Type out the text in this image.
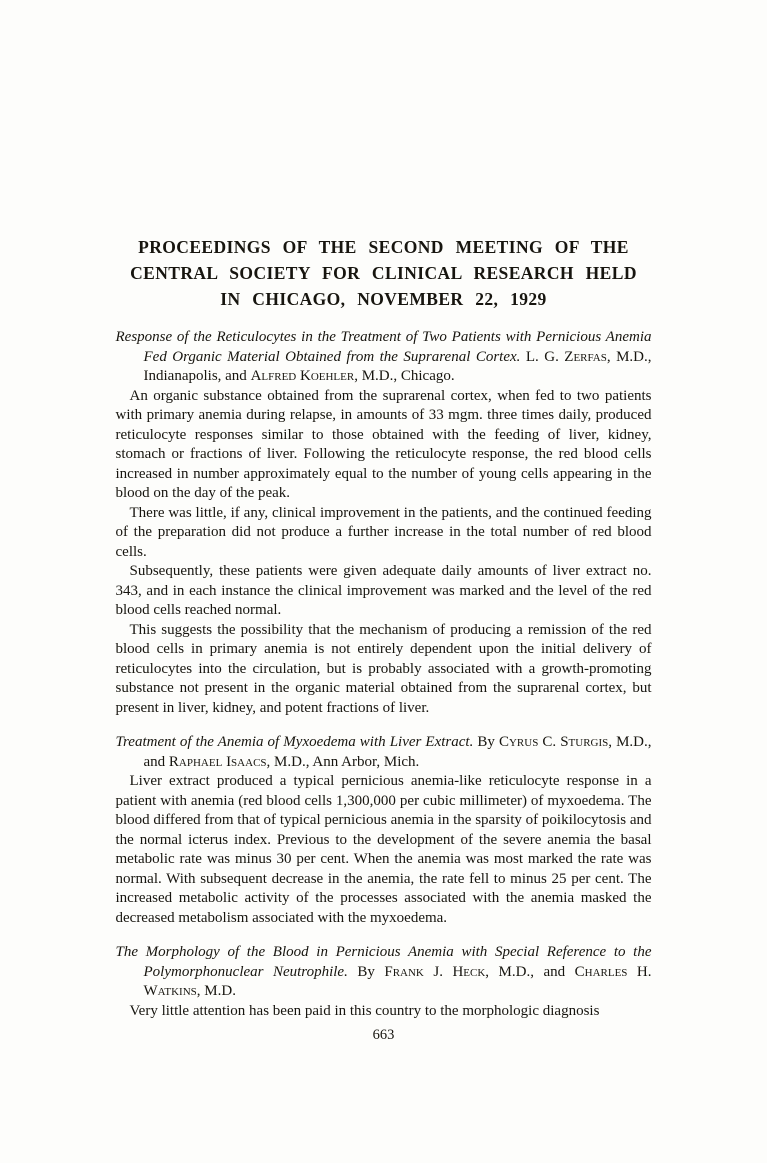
PROCEEDINGS OF THE SECOND MEETING OF THE
CENTRAL SOCIETY FOR CLINICAL RESEARCH HELD
IN CHICAGO, NOVEMBER 22, 1929

Response of the Reticulocytes in the Treatment of Two Patients with Pernicious Anemia Fed Organic Material Obtained from the Suprarenal Cortex. L. G. Zerfas, M.D., Indianapolis, and Alfred Koehler, M.D., Chicago.

An organic substance obtained from the suprarenal cortex, when fed to two patients with primary anemia during relapse, in amounts of 33 mgm. three times daily, produced reticulocyte responses similar to those obtained with the feeding of liver, kidney, stomach or fractions of liver. Following the reticulocyte response, the red blood cells increased in number approximately equal to the number of young cells appearing in the blood on the day of the peak.

There was little, if any, clinical improvement in the patients, and the continued feeding of the preparation did not produce a further increase in the total number of red blood cells.

Subsequently, these patients were given adequate daily amounts of liver extract no. 343, and in each instance the clinical improvement was marked and the level of the red blood cells reached normal.

This suggests the possibility that the mechanism of producing a remission of the red blood cells in primary anemia is not entirely dependent upon the initial delivery of reticulocytes into the circulation, but is probably associated with a growth-promoting substance not present in the organic material obtained from the suprarenal cortex, but present in liver, kidney, and potent fractions of liver.

Treatment of the Anemia of Myxoedema with Liver Extract. By Cyrus C. Sturgis, M.D., and Raphael Isaacs, M.D., Ann Arbor, Mich.

Liver extract produced a typical pernicious anemia-like reticulocyte response in a patient with anemia (red blood cells 1,300,000 per cubic millimeter) of myxoedema. The blood differed from that of typical pernicious anemia in the sparsity of poikilocytosis and the normal icterus index. Previous to the development of the severe anemia the basal metabolic rate was minus 30 per cent. When the anemia was most marked the rate was normal. With subsequent decrease in the anemia, the rate fell to minus 25 per cent. The increased metabolic activity of the processes associated with the anemia masked the decreased metabolism associated with the myxoedema.

The Morphology of the Blood in Pernicious Anemia with Special Reference to the Polymorphonuclear Neutrophile. By Frank J. Heck, M.D., and Charles H. Watkins, M.D.

Very little attention has been paid in this country to the morphologic diagnosis

663
